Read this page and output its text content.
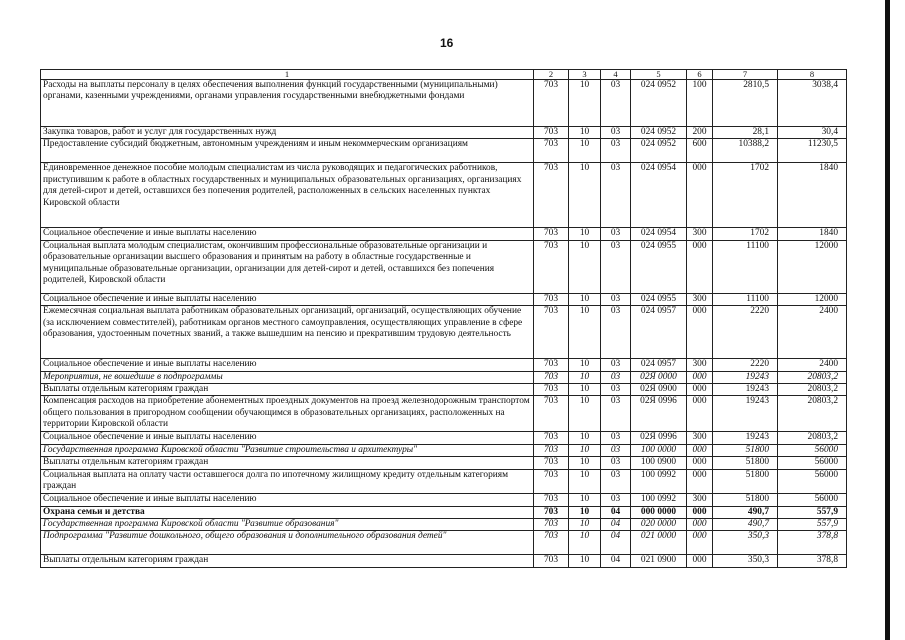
16
1	2	3	4	5	6	7	8
Расходы на выплаты персоналу в целях обеспечения выполнения функций государственными (муниципальными) органами, казенными учреждениями, органами управления государственными внебюджетными фондами	703	10	03	024 0952	100	2810,5	3038,4
Закупка товаров, работ и услуг для государственных нужд	703	10	03	024 0952	200	28,1	30,4
Предоставление субсидий бюджетным, автономным учреждениям и иным некоммерческим организациям	703	10	03	024 0952	600	10388,2	11230,5
Единовременное денежное пособие молодым специалистам из числа руководящих и педагогических работников, приступившим к работе в областных государственных и муниципальных образовательных организациях, организациях для детей-сирот и детей, оставшихся без попечения родителей, расположенных в сельских населенных пунктах Кировской области	703	10	03	024 0954	000	1702	1840
Социальное обеспечение и иные выплаты населению	703	10	03	024 0954	300	1702	1840
Социальная выплата молодым специалистам, окончившим профессиональные образовательные организации и образовательные организации высшего образования и принятым на работу в областные государственные и муниципальные образовательные организации, организации для детей-сирот и детей, оставшихся без попечения родителей, Кировской области	703	10	03	024 0955	000	11100	12000
Социальное обеспечение и иные выплаты населению	703	10	03	024 0955	300	11100	12000
Ежемесячная социальная выплата работникам образовательных организаций, организаций, осуществляющих обучение (за исключением совместителей), работникам органов местного самоуправления, осуществляющих управление в сфере образования, удостоенным почетных званий, а также вышедшим на пенсию и прекратившим трудовую деятельность	703	10	03	024 0957	000	2220	2400
Социальное обеспечение и иные выплаты населению	703	10	03	024 0957	300	2220	2400
Мероприятия, не вошедшие в подпрограммы	703	10	03	02Я 0000	000	19243	20803,2
Выплаты отдельным категориям граждан	703	10	03	02Я 0900	000	19243	20803,2
Компенсация расходов на приобретение абонементных проездных документов на проезд железнодорожным транспортом общего пользования в пригородном сообщении обучающимся в образовательных организациях, расположенных на территории Кировской области	703	10	03	02Я 0996	000	19243	20803,2
Социальное обеспечение и иные выплаты населению	703	10	03	02Я 0996	300	19243	20803,2
Государственная программа Кировской области "Развитие строительства и архитектуры"	703	10	03	100 0000	000	51800	56000
Выплаты отдельным категориям граждан	703	10	03	100 0900	000	51800	56000
Социальная выплата на оплату части оставшегося долга по ипотечному жилищному кредиту отдельным категориям граждан	703	10	03	100 0992	000	51800	56000
Социальное обеспечение и иные выплаты населению	703	10	03	100 0992	300	51800	56000
Охрана семьи и детства	703	10	04	000 0000	000	490,7	557,9
Государственная программа Кировской области "Развитие образования"	703	10	04	020 0000	000	490,7	557,9
Подпрограмма "Развитие дошкольного, общего образования и дополнительного образования детей"	703	10	04	021 0000	000	350,3	378,8
Выплаты отдельным категориям граждан	703	10	04	021 0900	000	350,3	378,8
